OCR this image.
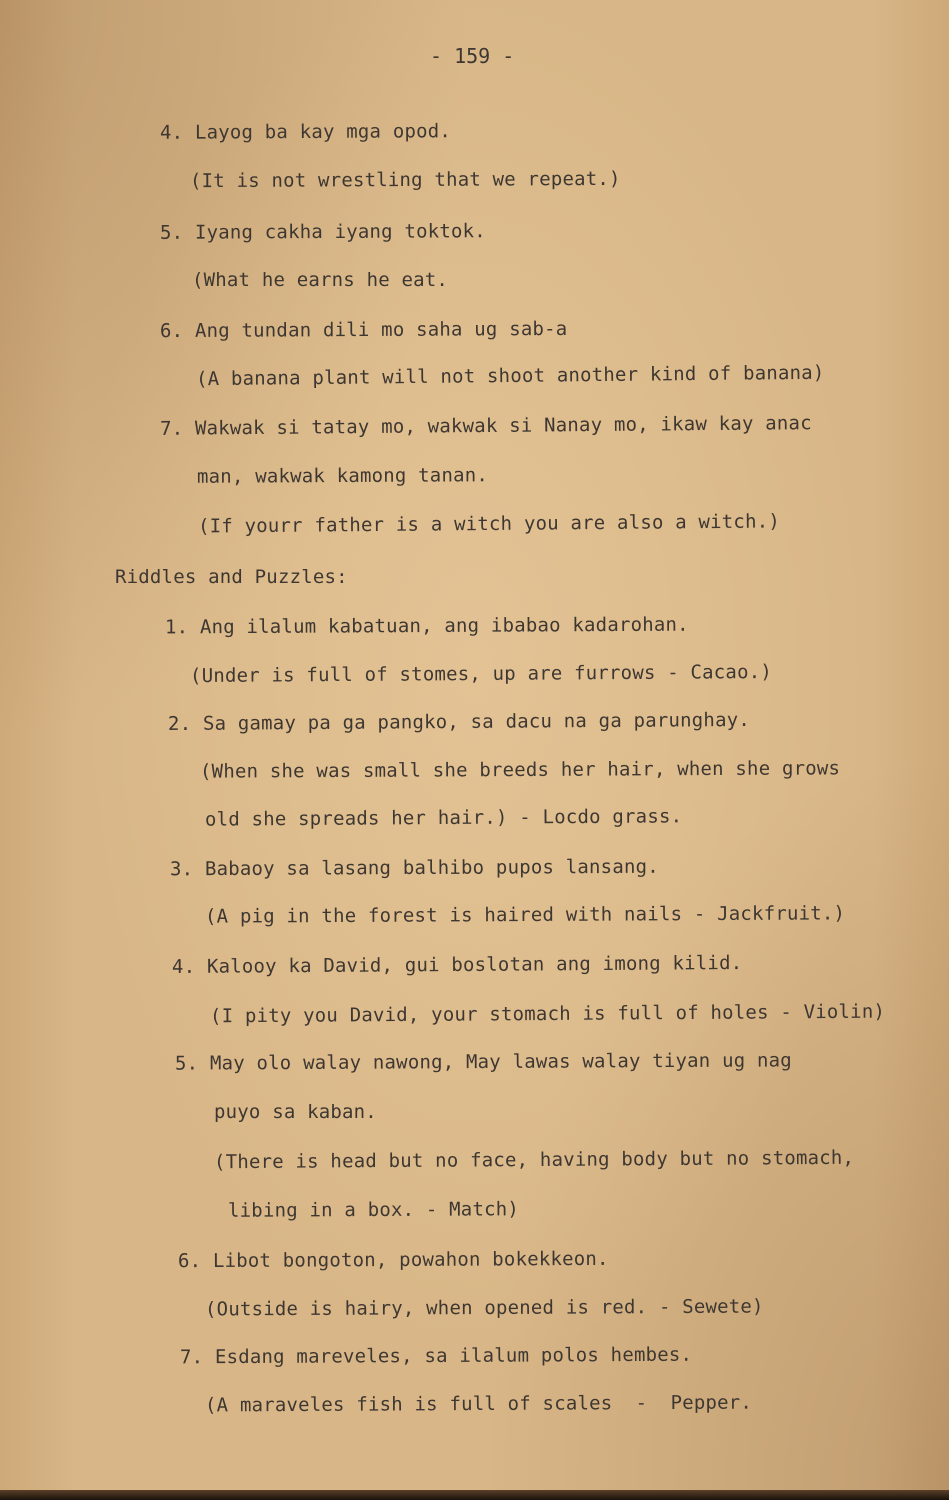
- 159 -
4. Layog ba kay mga opod.
(It is not wrestling that we repeat.)
5. Iyang cakha iyang toktok.
(What he earns he eat.
6. Ang tundan dili mo saha ug sab-a
(A banana plant will not shoot another kind of banana)
7. Wakwak si tatay mo, wakwak si Nanay mo, ikaw kay anac
man, wakwak kamong tanan.
(If yourr father is a witch you are also a witch.)
Riddles and Puzzles:
1. Ang ilalum kabatuan, ang ibabao kadarohan.
(Under is full of stomes, up are furrows - Cacao.)
2. Sa gamay pa ga pangko, sa dacu na ga parunghay.
(When she was small she breeds her hair, when she grows
old she spreads her hair.) - Locdo grass.
3. Babaoy sa lasang balhibo pupos lansang.
(A pig in the forest is haired with nails - Jackfruit.)
4. Kalooy ka David, gui boslotan ang imong kilid.
(I pity you David, your stomach is full of holes - Violin)
5. May olo walay nawong, May lawas walay tiyan ug nag
puyo sa kaban.
(There is head but no face, having body but no stomach,
libing in a box. - Match)
6. Libot bongoton, powahon bokekkeon.
(Outside is hairy, when opened is red. - Sewete)
7. Esdang mareveles, sa ilalum polos hembes.
(A maraveles fish is full of scales  -  Pepper.
